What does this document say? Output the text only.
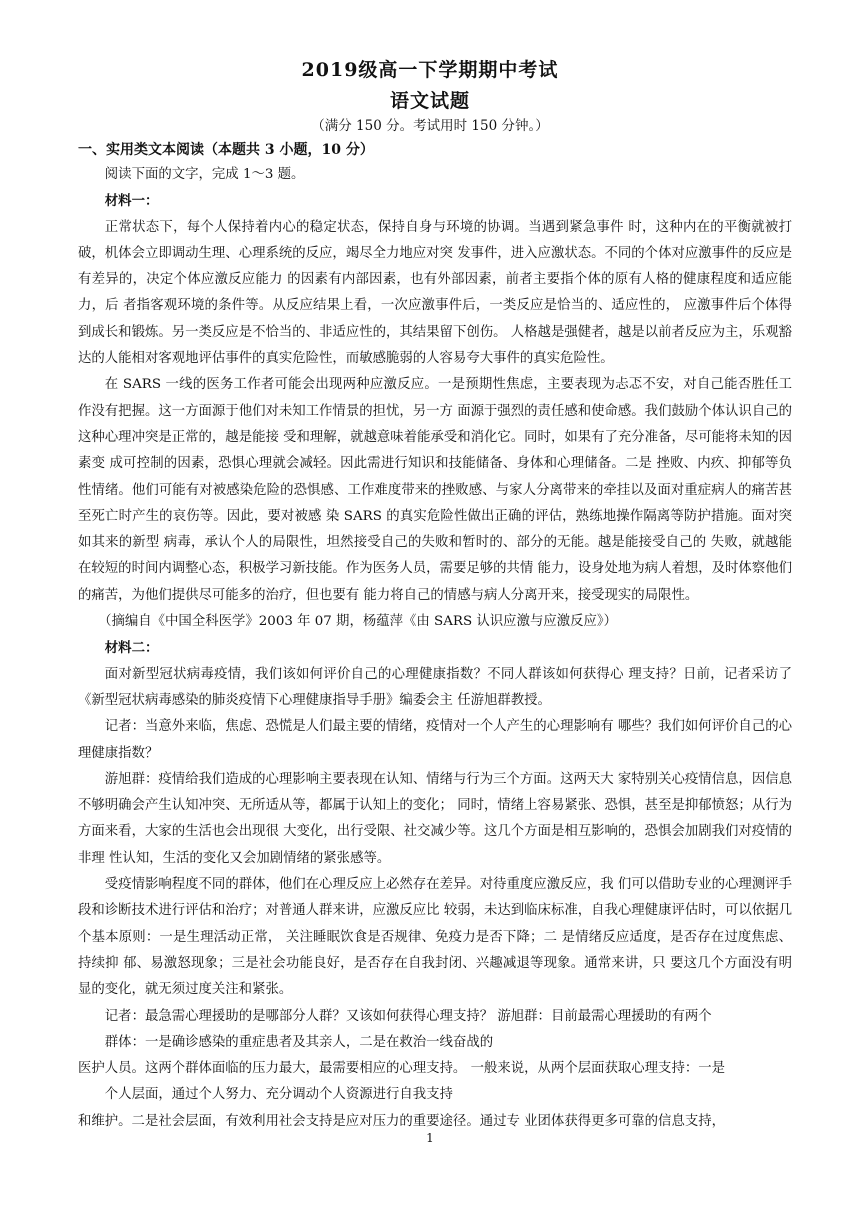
2019级高一下学期期中考试
语文试题
（满分 150 分。考试用时 150 分钟。）
一、实用类文本阅读（本题共 3 小题，10 分）

阅读下面的文字，完成 1～3 题。

材料一：

正常状态下，每个人保持着内心的稳定状态，保持自身与环境的协调。当遇到紧急事件 时，这种内在的平衡就被打破，机体会立即调动生理、心理系统的反应，竭尽全力地应对突 发事件，进入应激状态。不同的个体对应激事件的反应是有差异的，决定个体应激反应能力 的因素有内部因素，也有外部因素，前者主要指个体的原有人格的健康程度和适应能力，后 者指客观环境的条件等。从反应结果上看，一次应激事件后，一类反应是恰当的、适应性的， 应激事件后个体得到成长和锻炼。另一类反应是不恰当的、非适应性的，其结果留下创伤。 人格越是强健者，越是以前者反应为主，乐观豁达的人能相对客观地评估事件的真实危险性，而敏感脆弱的人容易夸大事件的真实危险性。

在 SARS 一线的医务工作者可能会出现两种应激反应。一是预期性焦虑，主要表现为忐忑不安，对自己能否胜任工作没有把握。这一方面源于他们对未知工作情景的担忧，另一方 面源于强烈的责任感和使命感。我们鼓励个体认识自己的这种心理冲突是正常的，越是能接 受和理解，就越意味着能承受和消化它。同时，如果有了充分准备，尽可能将未知的因素变 成可控制的因素，恐惧心理就会减轻。因此需进行知识和技能储备、身体和心理储备。二是 挫败、内疚、抑郁等负性情绪。他们可能有对被感染危险的恐惧感、工作难度带来的挫败感、与家人分离带来的牵挂以及面对重症病人的痛苦甚至死亡时产生的哀伤等。因此，要对被感 染 SARS 的真实危险性做出正确的评估，熟练地操作隔离等防护措施。面对突如其来的新型 病毒，承认个人的局限性，坦然接受自己的失败和暂时的、部分的无能。越是能接受自己的 失败，就越能在较短的时间内调整心态，积极学习新技能。作为医务人员，需要足够的共情 能力，设身处地为病人着想，及时体察他们的痛苦，为他们提供尽可能多的治疗，但也要有 能力将自己的情感与病人分离开来，接受现实的局限性。

（摘编自《中国全科医学》2003 年 07 期，杨蕴萍《由 SARS 认识应激与应激反应》）

材料二：

面对新型冠状病毒疫情，我们该如何评价自己的心理健康指数？不同人群该如何获得心 理支持？日前，记者采访了《新型冠状病毒感染的肺炎疫情下心理健康指导手册》编委会主 任游旭群教授。

记者：当意外来临，焦虑、恐慌是人们最主要的情绪，疫情对一个人产生的心理影响有 哪些？我们如何评价自己的心理健康指数？

游旭群：疫情给我们造成的心理影响主要表现在认知、情绪与行为三个方面。这两天大 家特别关心疫情信息，因信息不够明确会产生认知冲突、无所适从等，都属于认知上的变化； 同时，情绪上容易紧张、恐惧，甚至是抑郁愤怒；从行为方面来看，大家的生活也会出现很 大变化，出行受限、社交减少等。这几个方面是相互影响的，恐惧会加剧我们对疫情的非理 性认知，生活的变化又会加剧情绪的紧张感等。

受疫情影响程度不同的群体，他们在心理反应上必然存在差异。对待重度应激反应，我 们可以借助专业的心理测评手段和诊断技术进行评估和治疗；对普通人群来讲，应激反应比 较弱，未达到临床标准，自我心理健康评估时，可以依据几个基本原则：一是生理活动正常， 关注睡眠饮食是否规律、免疫力是否下降；二 是情绪反应适度，是否存在过度焦虑、持续抑 郁、易激怒现象；三是社会功能良好，是否存在自我封闭、兴趣减退等现象。通常来讲，只 要这几个方面没有明显的变化，就无须过度关注和紧张。

记者：最急需心理援助的是哪部分人群？又该如何获得心理支持？ 游旭群：目前最需心理援助的有两个

群体：一是确诊感染的重症患者及其亲人，二是在救治一线奋战的

医护人员。这两个群体面临的压力最大，最需要相应的心理支持。 一般来说，从两个层面获取心理支持：一是

个人层面，通过个人努力、充分调动个人资源进行自我支持

和维护。二是社会层面，有效利用社会支持是应对压力的重要途径。通过专 业团体获得更多可靠的信息支持，

1
